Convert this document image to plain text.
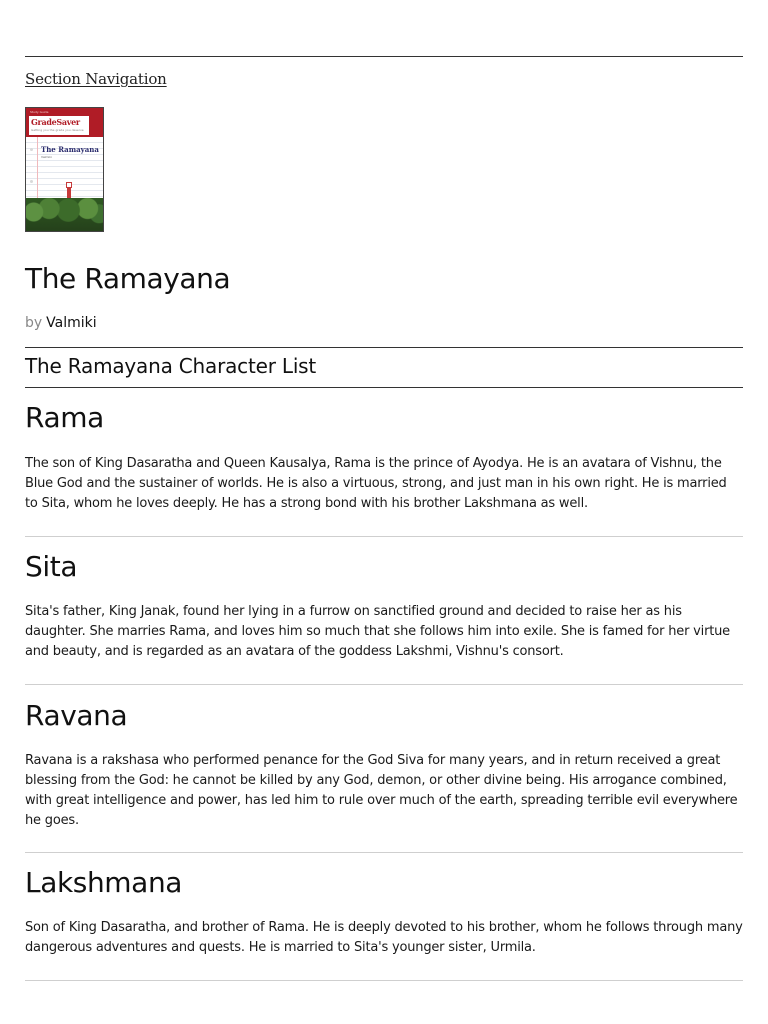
Section Navigation
Study Guide
GradeSaver
Getting you the grade you deserve
The Ramayana
Valmiki
The Ramayana
by Valmiki
The Ramayana Character List
Rama

The son of King Dasaratha and Queen Kausalya, Rama is the prince of Ayodya. He is an avatara of Vishnu, the Blue God and the sustainer of worlds. He is also a virtuous, strong, and just man in his own right. He is married to Sita, whom he loves deeply. He has a strong bond with his brother Lakshmana as well.

Sita

Sita's father, King Janak, found her lying in a furrow on sanctified ground and decided to raise her as his daughter. She marries Rama, and loves him so much that she follows him into exile. She is famed for her virtue and beauty, and is regarded as an avatara of the goddess Lakshmi, Vishnu's consort.

Ravana

Ravana is a rakshasa who performed penance for the God Siva for many years, and in return received a great blessing from the God: he cannot be killed by any God, demon, or other divine being. His arrogance combined, with great intelligence and power, has led him to rule over much of the earth, spreading terrible evil everywhere he goes.

Lakshmana

Son of King Dasaratha, and brother of Rama. He is deeply devoted to his brother, whom he follows through many dangerous adventures and quests. He is married to Sita's younger sister, Urmila.
